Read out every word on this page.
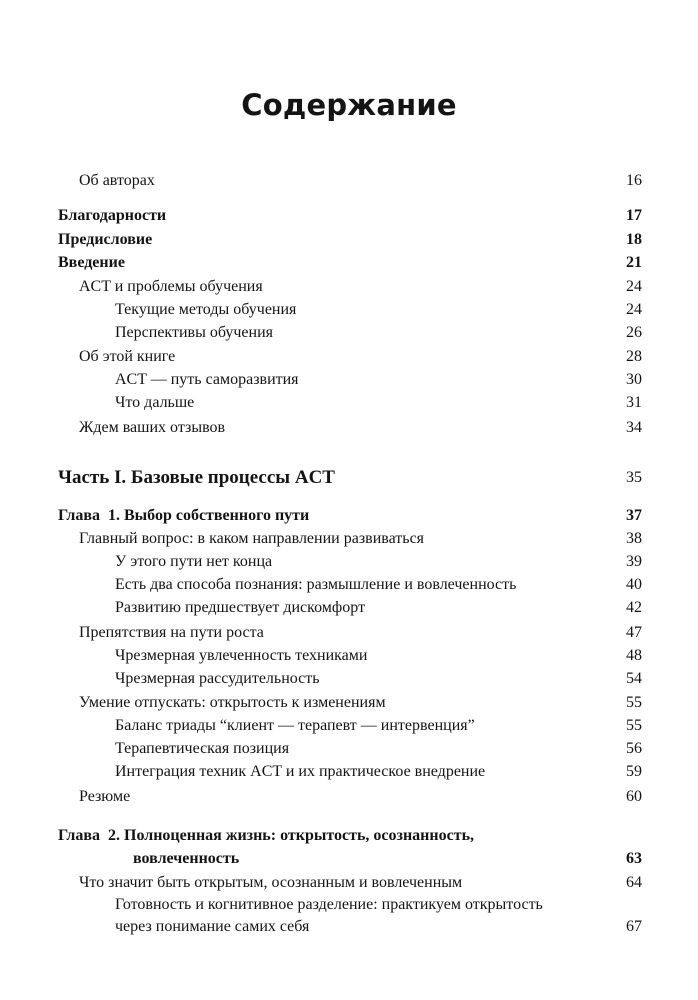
Содержание
Об авторах	16
Благодарности	17
Предисловие	18
Введение	21
ACT и проблемы обучения	24
Текущие методы обучения	24
Перспективы обучения	26
Об этой книге	28
ACT — путь саморазвития	30
Что дальше	31
Ждем ваших отзывов	34
Часть I. Базовые процессы ACT	35
Глава  1. Выбор собственного пути	37
Главный вопрос: в каком направлении развиваться	38
У этого пути нет конца	39
Есть два способа познания: размышление и вовлеченность	40
Развитию предшествует дискомфорт	42
Препятствия на пути роста	47
Чрезмерная увлеченность техниками	48
Чрезмерная рассудительность	54
Умение отпускать: открытость к изменениям	55
Баланс триады “клиент — терапевт — интервенция”	55
Терапевтическая позиция	56
Интеграция техник ACT и их практическое внедрение	59
Резюме	60
Глава  2. Полноценная жизнь: открытость, осознанность,
вовлеченность	63
Что значит быть открытым, осознанным и вовлеченным	64
Готовность и когнитивное разделение: практикуем открытость
через понимание самих себя	67
